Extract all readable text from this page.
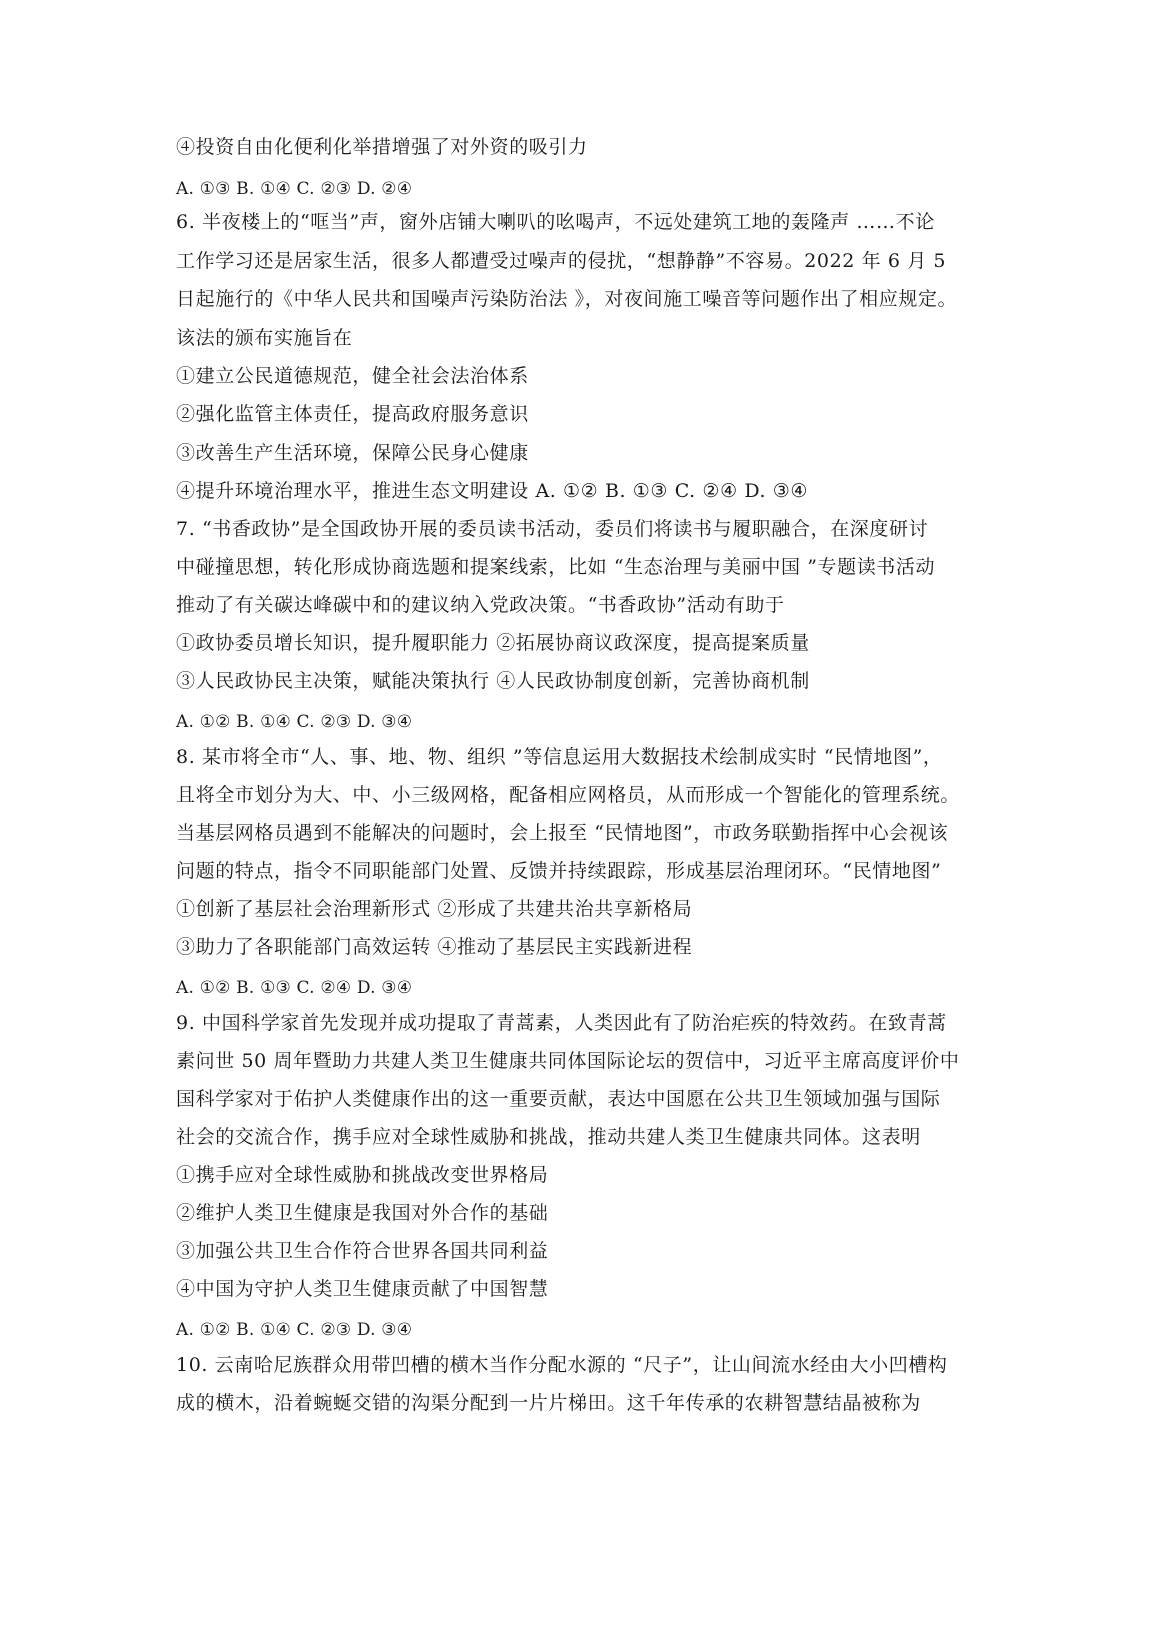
④投资自由化便利化举措增强了对外资的吸引力
A. ①③ B. ①④ C. ②③ D. ②④
6. 半夜楼上的“哐当”声，窗外店铺大喇叭的吆喝声，不远处建筑工地的轰隆声 ……不论
工作学习还是居家生活，很多人都遭受过噪声的侵扰，“想静静”不容易。2022 年 6 月 5
日起施行的《中华人民共和国噪声污染防治法 》，对夜间施工噪音等问题作出了相应规定。
该法的颁布实施旨在
①建立公民道德规范，健全社会法治体系
②强化监管主体责任，提高政府服务意识
③改善生产生活环境，保障公民身心健康
④提升环境治理水平，推进生态文明建设 A. ①② B. ①③ C. ②④ D. ③④
7. “书香政协”是全国政协开展的委员读书活动，委员们将读书与履职融合，在深度研讨
中碰撞思想，转化形成协商选题和提案线索，比如 “生态治理与美丽中国 ”专题读书活动
推动了有关碳达峰碳中和的建议纳入党政决策。“书香政协”活动有助于
①政协委员增长知识，提升履职能力 ②拓展协商议政深度，提高提案质量
③人民政协民主决策，赋能决策执行 ④人民政协制度创新，完善协商机制
A. ①② B. ①④ C. ②③ D. ③④
8. 某市将全市“人、事、地、物、组织 ”等信息运用大数据技术绘制成实时 “民情地图”，
且将全市划分为大、中、小三级网格，配备相应网格员，从而形成一个智能化的管理系统。
当基层网格员遇到不能解决的问题时，会上报至 “民情地图”，市政务联勤指挥中心会视该
问题的特点，指令不同职能部门处置、反馈并持续跟踪，形成基层治理闭环。“民情地图”
①创新了基层社会治理新形式 ②形成了共建共治共享新格局
③助力了各职能部门高效运转 ④推动了基层民主实践新进程
A. ①② B. ①③ C. ②④ D. ③④
9. 中国科学家首先发现并成功提取了青蒿素，人类因此有了防治疟疾的特效药。在致青蒿
素问世 50 周年暨助力共建人类卫生健康共同体国际论坛的贺信中，习近平主席高度评价中
国科学家对于佑护人类健康作出的这一重要贡献，表达中国愿在公共卫生领域加强与国际
社会的交流合作，携手应对全球性威胁和挑战，推动共建人类卫生健康共同体。这表明
①携手应对全球性威胁和挑战改变世界格局
②维护人类卫生健康是我国对外合作的基础
③加强公共卫生合作符合世界各国共同利益
④中国为守护人类卫生健康贡献了中国智慧
A. ①② B. ①④ C. ②③ D. ③④
10. 云南哈尼族群众用带凹槽的横木当作分配水源的 “尺子”，让山间流水经由大小凹槽构
成的横木，沿着蜿蜒交错的沟渠分配到一片片梯田。这千年传承的农耕智慧结晶被称为
